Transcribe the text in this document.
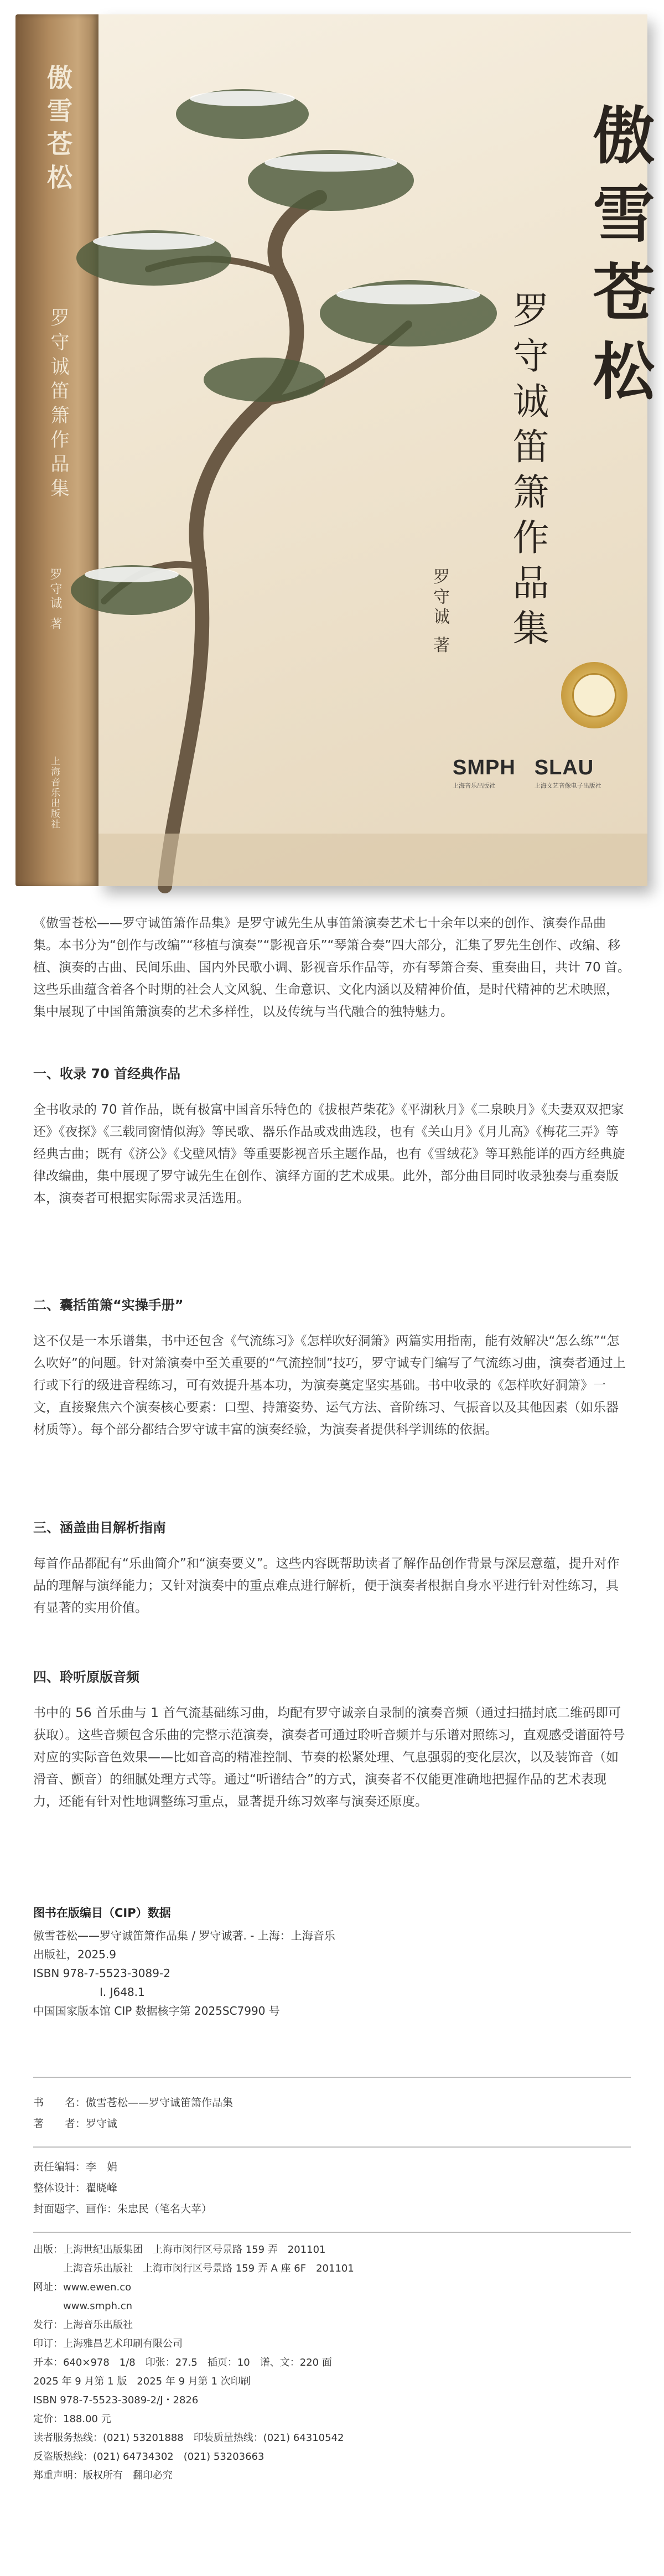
傲雪苍松
罗守诚笛箫作品集
罗守诚 著
上海音乐出版社
傲雪苍松
罗守诚笛箫作品集
罗守诚 著
SMPH
上海音乐出版社
SLAU
上海文艺音像电子出版社

《傲雪苍松——罗守诚笛箫作品集》是罗守诚先生从事笛箫演奏艺术七十余年以来的创作、演奏作品曲集。本书分为“创作与改编”“移植与演奏”“影视音乐”“琴箫合奏”四大部分，汇集了罗先生创作、改编、移植、演奏的古曲、民间乐曲、国内外民歌小调、影视音乐作品等，亦有琴箫合奏、重奏曲目，共计 70 首。这些乐曲蕴含着各个时期的社会人文风貌、生命意识、文化内涵以及精神价值，是时代精神的艺术映照，集中展现了中国笛箫演奏的艺术多样性，以及传统与当代融合的独特魅力。

一、收录 70 首经典作品

全书收录的 70 首作品，既有极富中国音乐特色的《拔根芦柴花》《平湖秋月》《二泉映月》《夫妻双双把家还》《夜探》《三载同窗情似海》等民歌、器乐作品或戏曲选段，也有《关山月》《月儿高》《梅花三弄》等经典古曲；既有《济公》《戈壁风情》等重要影视音乐主题作品，也有《雪绒花》等耳熟能详的西方经典旋律改编曲，集中展现了罗守诚先生在创作、演绎方面的艺术成果。此外，部分曲目同时收录独奏与重奏版本，演奏者可根据实际需求灵活选用。

二、囊括笛箫“实操手册”

这不仅是一本乐谱集，书中还包含《气流练习》《怎样吹好洞箫》两篇实用指南，能有效解决“怎么练”“怎么吹好”的问题。针对箫演奏中至关重要的“气流控制”技巧，罗守诚专门编写了气流练习曲，演奏者通过上行或下行的级进音程练习，可有效提升基本功，为演奏奠定坚实基础。书中收录的《怎样吹好洞箫》一文，直接聚焦六个演奏核心要素：口型、持箫姿势、运气方法、音阶练习、气振音以及其他因素（如乐器材质等）。每个部分都结合罗守诚丰富的演奏经验，为演奏者提供科学训练的依据。

三、涵盖曲目解析指南

每首作品都配有“乐曲简介”和“演奏要义”。这些内容既帮助读者了解作品创作背景与深层意蕴，提升对作品的理解与演绎能力；又针对演奏中的重点难点进行解析，便于演奏者根据自身水平进行针对性练习，具有显著的实用价值。

四、聆听原版音频

书中的 56 首乐曲与 1 首气流基础练习曲，均配有罗守诚亲自录制的演奏音频（通过扫描封底二维码即可获取）。这些音频包含乐曲的完整示范演奏，演奏者可通过聆听音频并与乐谱对照练习，直观感受谱面符号对应的实际音色效果——比如音高的精准控制、节奏的松紧处理、气息强弱的变化层次，以及装饰音（如滑音、颤音）的细腻处理方式等。通过“听谱结合”的方式，演奏者不仅能更准确地把握作品的艺术表现力，还能有针对性地调整练习重点，显著提升练习效率与演奏还原度。

图书在版编目（CIP）数据
傲雪苍松——罗守诚笛箫作品集 / 罗守诚著. - 上海：上海音乐
出版社，2025.9
ISBN 978-7-5523-3089-2
Ⅰ. J648.1
中国国家版本馆 CIP 数据核字第 2025SC7990 号
书　　名：傲雪苍松——罗守诚笛箫作品集
著　　者：罗守诚
责任编辑：李　娟
整体设计：翟晓峰
封面题字、画作：朱忠民（笔名大苹）
出版：上海世纪出版集团　上海市闵行区号景路 159 弄　201101
　　　上海音乐出版社　上海市闵行区号景路 159 弄 A 座 6F　201101
网址：www.ewen.co
　　　www.smph.cn
发行：上海音乐出版社
印订：上海雅昌艺术印刷有限公司
开本：640×978　1/8　印张：27.5　插页：10　谱、文：220 面
2025 年 9 月第 1 版　2025 年 9 月第 1 次印刷
ISBN 978-7-5523-3089-2/J・2826
定价：188.00 元
读者服务热线：(021) 53201888　印装质量热线：(021) 64310542
反盗版热线：(021) 64734302　(021) 53203663
郑重声明：版权所有　翻印必究
